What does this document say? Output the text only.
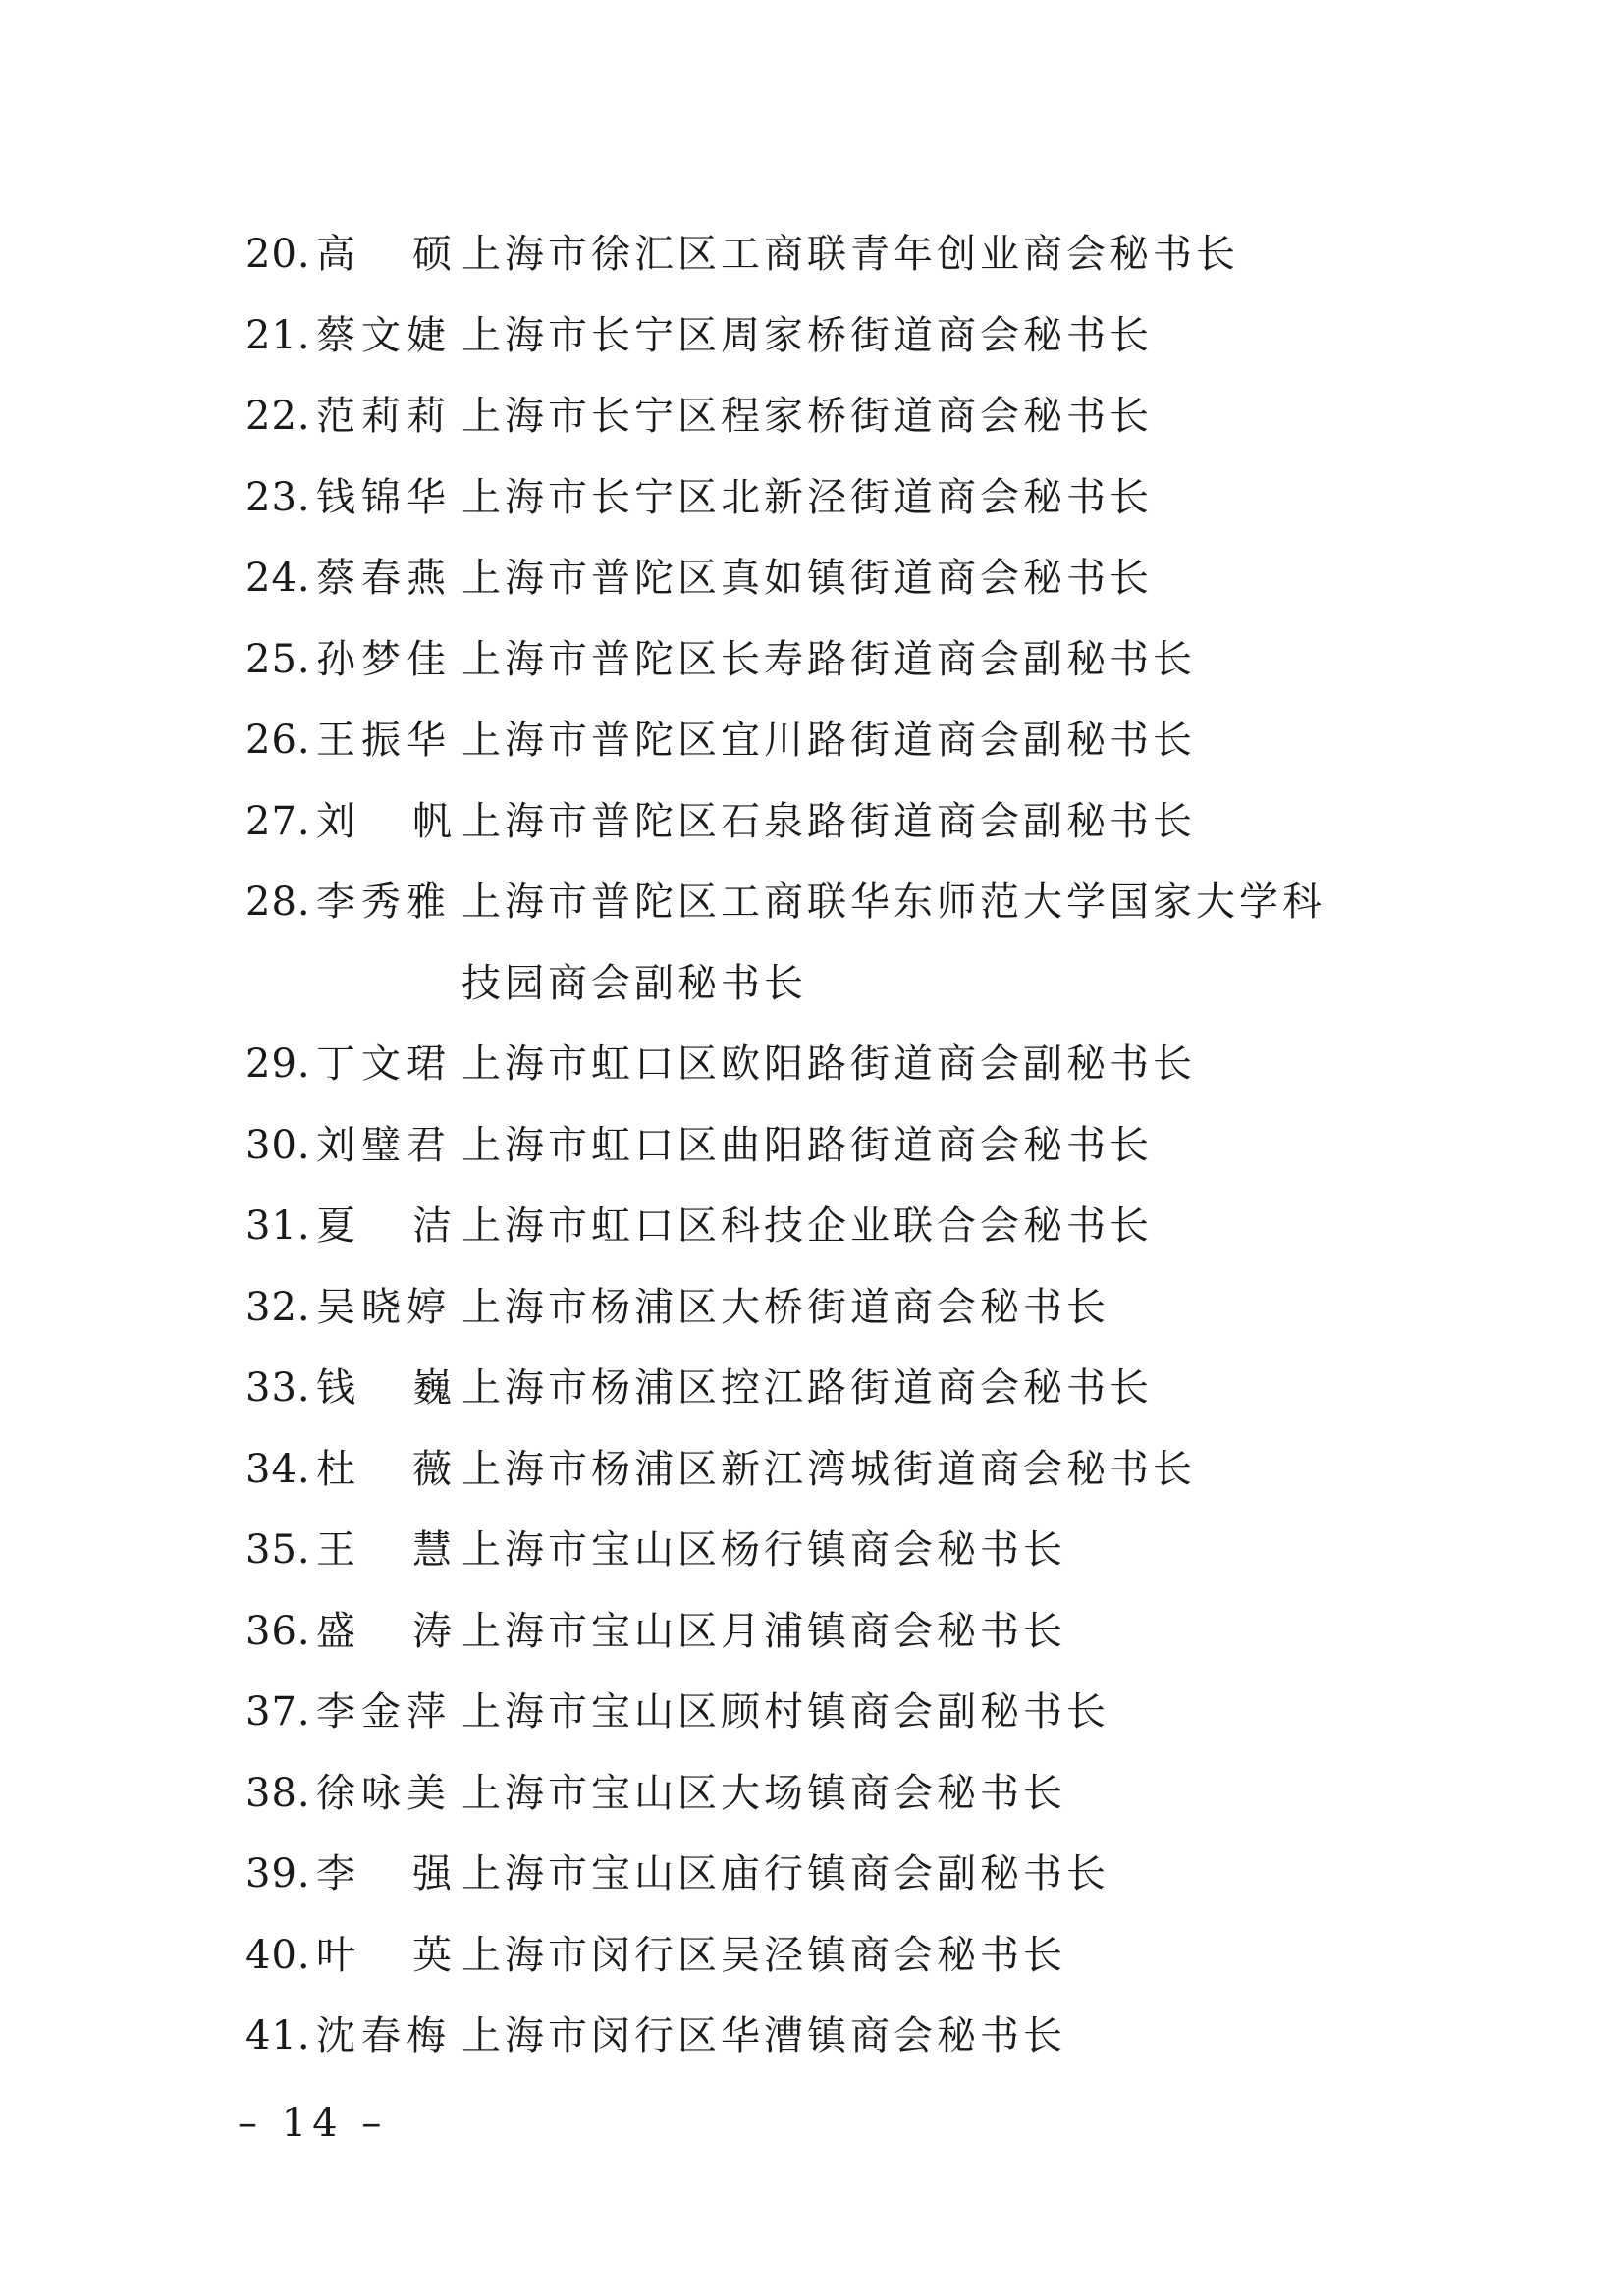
20. 高 硕 上海市徐汇区工商联青年创业商会秘书长
21. 蔡文婕 上海市长宁区周家桥街道商会秘书长
22. 范莉莉 上海市长宁区程家桥街道商会秘书长
23. 钱锦华 上海市长宁区北新泾街道商会秘书长
24. 蔡春燕 上海市普陀区真如镇街道商会秘书长
25. 孙梦佳 上海市普陀区长寿路街道商会副秘书长
26. 王振华 上海市普陀区宜川路街道商会副秘书长
27. 刘 帆 上海市普陀区石泉路街道商会副秘书长
28. 李秀雅 上海市普陀区工商联华东师范大学国家大学科技园商会副秘书长
29. 丁文珺 上海市虹口区欧阳路街道商会副秘书长
30. 刘璧君 上海市虹口区曲阳路街道商会秘书长
31. 夏 洁 上海市虹口区科技企业联合会秘书长
32. 吴晓婷 上海市杨浦区大桥街道商会秘书长
33. 钱 巍 上海市杨浦区控江路街道商会秘书长
34. 杜 薇 上海市杨浦区新江湾城街道商会秘书长
35. 王 慧 上海市宝山区杨行镇商会秘书长
36. 盛 涛 上海市宝山区月浦镇商会秘书长
37. 李金萍 上海市宝山区顾村镇商会副秘书长
38. 徐咏美 上海市宝山区大场镇商会秘书长
39. 李 强 上海市宝山区庙行镇商会副秘书长
40. 叶 英 上海市闵行区吴泾镇商会秘书长
41. 沈春梅 上海市闵行区华漕镇商会秘书长
– 14 –
